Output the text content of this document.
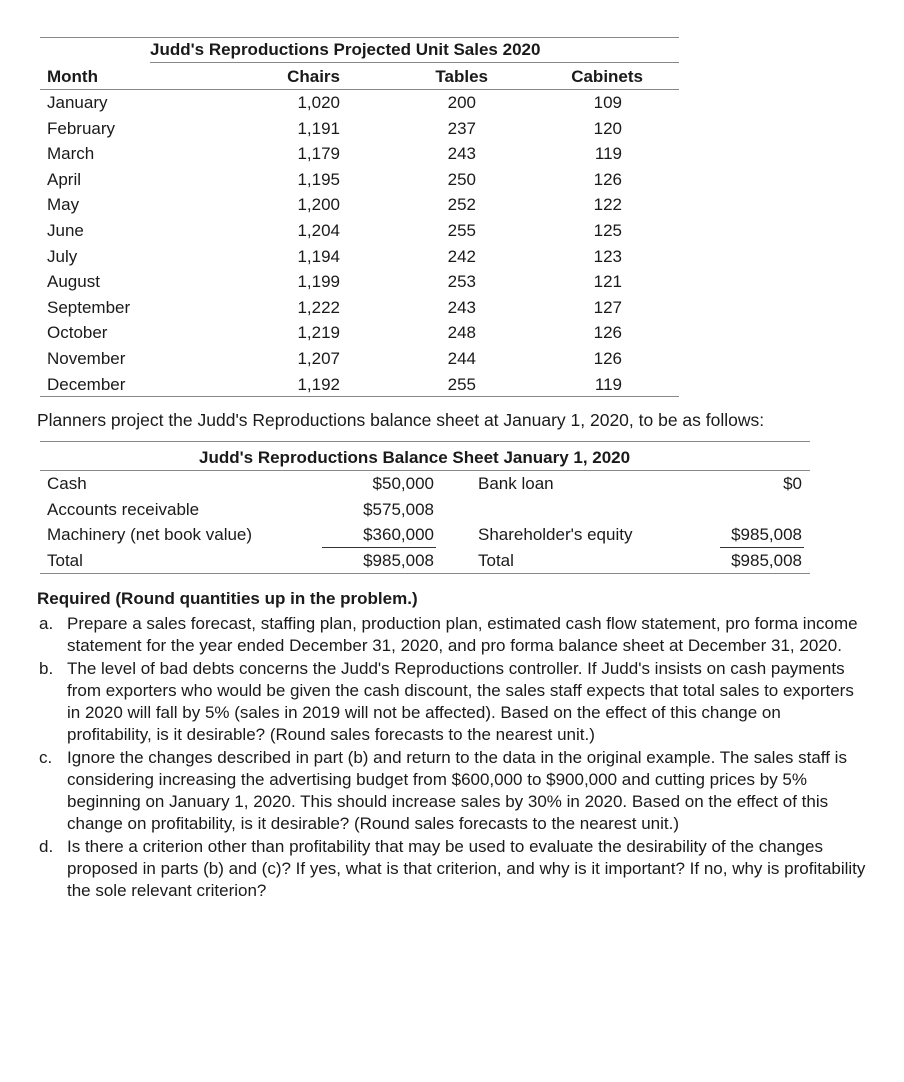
Judd's Reproductions Projected Unit Sales 2020
Month	Chairs	Tables	Cabinets
January	1,020	200	109
February	1,191	237	120
March	1,179	243	119
April	1,195	250	126
May	1,200	252	122
June	1,204	255	125
July	1,194	242	123
August	1,199	253	121
September	1,222	243	127
October	1,219	248	126
November	1,207	244	126
December	1,192	255	119
Planners project the Judd's Reproductions balance sheet at January 1, 2020, to be as follows:
Judd's Reproductions Balance Sheet January 1, 2020
Cash	$50,000	Bank loan	$0
Accounts receivable	$575,008
Machinery (net book value)	$360,000	Shareholder's equity	$985,008
Total	$985,008	Total	$985,008
Required (Round quantities up in the problem.)
a. Prepare a sales forecast, staffing plan, production plan, estimated cash flow statement, pro forma income statement for the year ended December 31, 2020, and pro forma balance sheet at December 31, 2020.
b. The level of bad debts concerns the Judd's Reproductions controller. If Judd's insists on cash payments from exporters who would be given the cash discount, the sales staff expects that total sales to exporters in 2020 will fall by 5% (sales in 2019 will not be affected). Based on the effect of this change on profitability, is it desirable? (Round sales forecasts to the nearest unit.)
c. Ignore the changes described in part (b) and return to the data in the original example. The sales staff is considering increasing the advertising budget from $600,000 to $900,000 and cutting prices by 5% beginning on January 1, 2020. This should increase sales by 30% in 2020. Based on the effect of this change on profitability, is it desirable? (Round sales forecasts to the nearest unit.)
d. Is there a criterion other than profitability that may be used to evaluate the desirability of the changes proposed in parts (b) and (c)? If yes, what is that criterion, and why is it important? If no, why is profitability the sole relevant criterion?
